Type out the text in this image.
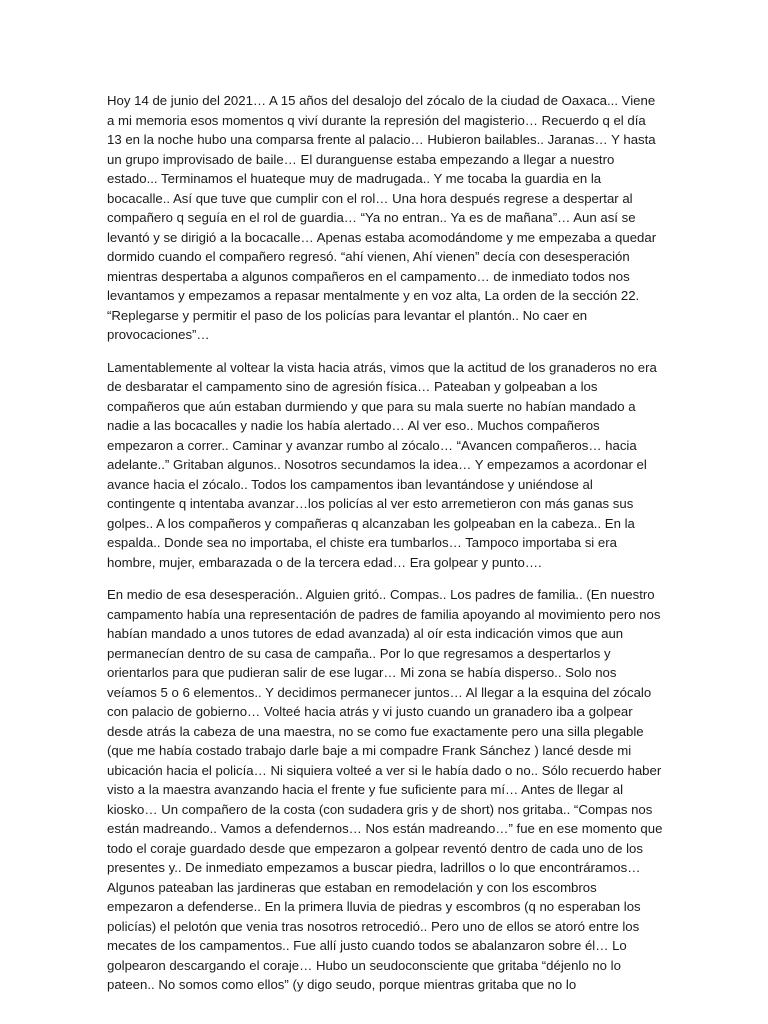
Hoy 14 de junio del 2021… A 15 años del desalojo del zócalo de la ciudad de Oaxaca... Viene a mi memoria esos momentos q viví durante la represión del magisterio… Recuerdo q el día 13 en la noche hubo una comparsa frente al palacio… Hubieron bailables.. Jaranas… Y hasta un grupo improvisado de baile… El duranguense estaba empezando a llegar a nuestro estado... Terminamos el huateque muy de madrugada.. Y me tocaba la guardia en la bocacalle.. Así que tuve que cumplir con el rol… Una hora después regrese a despertar al compañero q seguía en el rol de guardia… “Ya no entran.. Ya es de mañana”… Aun así se levantó y se dirigió a la bocacalle… Apenas estaba acomodándome y me empezaba a quedar dormido cuando el compañero regresó. “ahí vienen, Ahí vienen” decía con desesperación mientras despertaba a algunos compañeros en el campamento… de inmediato todos nos levantamos y empezamos a repasar mentalmente y en voz alta, La orden de la sección 22. “Replegarse y permitir el paso de los policías para levantar el plantón.. No caer en provocaciones”…

Lamentablemente al voltear la vista hacia atrás, vimos que la actitud de los granaderos no era de desbaratar el campamento sino de agresión física… Pateaban y golpeaban a los compañeros que aún estaban durmiendo y que para su mala suerte no habían mandado a nadie a las bocacalles y nadie los había alertado… Al ver eso.. Muchos compañeros empezaron a correr.. Caminar y avanzar rumbo al zócalo… “Avancen compañeros… hacia adelante..” Gritaban algunos.. Nosotros secundamos la idea… Y empezamos a acordonar el avance hacia el zócalo.. Todos los campamentos iban levantándose y uniéndose al contingente q intentaba avanzar…los policías al ver esto arremetieron con más ganas sus golpes.. A los compañeros y compañeras q alcanzaban les golpeaban en la cabeza.. En la espalda.. Donde sea no importaba, el chiste era tumbarlos… Tampoco importaba si era hombre, mujer, embarazada o de la tercera edad… Era golpear y punto….

En medio de esa desesperación.. Alguien gritó.. Compas.. Los padres de familia.. (En nuestro campamento había una representación de padres de familia apoyando al movimiento pero nos habían mandado a unos tutores de edad avanzada) al oír esta indicación vimos que aun permanecían dentro de su casa de campaña.. Por lo que regresamos a despertarlos y orientarlos para que pudieran salir de ese lugar… Mi zona se había disperso.. Solo nos veíamos 5 o 6 elementos.. Y decidimos permanecer juntos… Al llegar a la esquina del zócalo con palacio de gobierno… Volteé hacia atrás y vi justo cuando un granadero iba a golpear desde atrás la cabeza de una maestra, no se como fue exactamente pero una silla plegable (que me había costado trabajo darle baje a mi compadre Frank Sánchez ) lancé desde mi ubicación hacia el policía… Ni siquiera volteé a ver si le había dado o no.. Sólo recuerdo haber visto a la maestra avanzando hacia el frente y fue suficiente para mí… Antes de llegar al kiosko… Un compañero de la costa (con sudadera gris y de short) nos gritaba.. “Compas nos están madreando.. Vamos a defendernos… Nos están madreando…” fue en ese momento que todo el coraje guardado desde que empezaron a golpear reventó dentro de cada uno de los presentes y.. De inmediato empezamos a buscar piedra, ladrillos o lo que encontráramos… Algunos pateaban las jardineras que estaban en remodelación y con los escombros empezaron a defenderse.. En la primera lluvia de piedras y escombros (q no esperaban los policías) el pelotón que venia tras nosotros retrocedió.. Pero uno de ellos se atoró entre los mecates de los campamentos.. Fue allí justo cuando todos se abalanzaron sobre él… Lo golpearon descargando el coraje… Hubo un seudoconsciente que gritaba “déjenlo no lo pateen.. No somos como ellos” (y digo seudo, porque mientras gritaba que no lo
